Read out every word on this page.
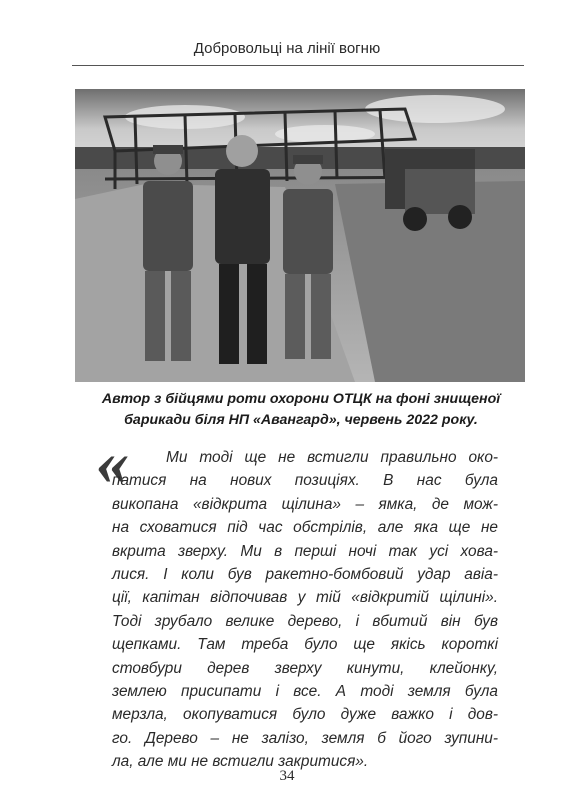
Добровольці на лінії вогню
Автор з бійцями роти охорони ОТЦК на фоні знищеної
барикади біля НП «Авангард», червень 2022 року.
«	Ми тоді ще не встигли правильно око-
патися на нових позиціях. В нас була
викопана «відкрита щілина» – ямка, де мож-
на сховатися під час обстрілів, але яка ще не
вкрита зверху. Ми в перші ночі так усі хова-
лися. І коли був ракетно-бомбовий удар авіа-
ції, капітан відпочивав у тій «відкритій щілині».
Тоді зрубало велике дерево, і вбитий він був
щепками. Там треба було ще якісь короткі
стовбури дерев зверху кинути, клейонку,
землею присипати і все. А тоді земля була
мерзла, окопуватися було дуже важко і дов-
го. Дерево – не залізо, земля б його зупини-
ла, але ми не встигли закритися».
34
